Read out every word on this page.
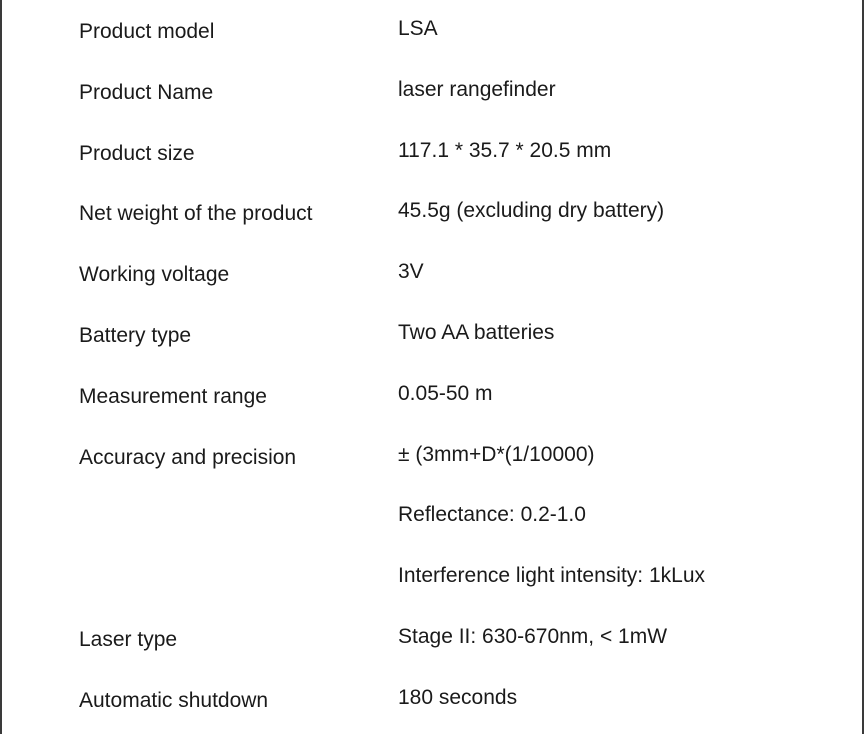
Product model	LSA
Product Name	laser rangefinder
Product size	117.1 * 35.7 * 20.5 mm
Net weight of the product	45.5g (excluding dry battery)
Working voltage	3V
Battery type	Two AA batteries
Measurement range	0.05-50 m
Accuracy and precision	± (3mm+D*(1/10000)
Reflectance: 0.2-1.0
Interference light intensity: 1kLux
Laser type	Stage II: 630-670nm, < 1mW
Automatic shutdown	180 seconds
